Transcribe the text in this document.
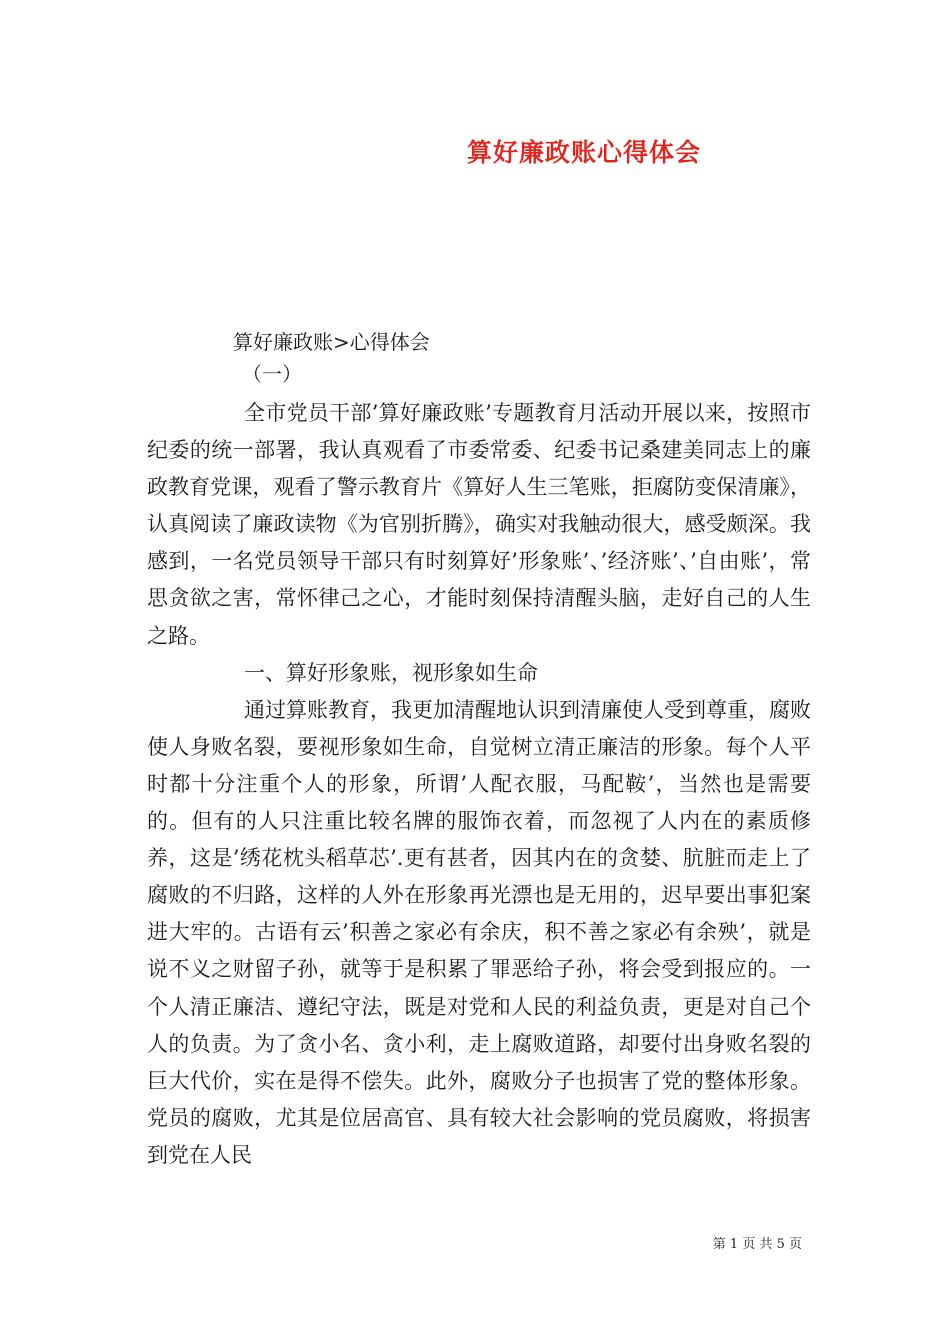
算好廉政账心得体会
算好廉政账>心得体会
（一）

全市党员干部’算好廉政账’专题教育月活动开展以来，按照市纪委的统一部署，我认真观看了市委常委、纪委书记桑建美同志上的廉政教育党课，观看了警示教育片《算好人生三笔账，拒腐防变保清廉》，认真阅读了廉政读物《为官别折腾》，确实对我触动很大，感受颇深。我感到，一名党员领导干部只有时刻算好’形象账’、’经济账’、’自由账’，常思贪欲之害，常怀律己之心，才能时刻保持清醒头脑，走好自己的人生之路。

一、算好形象账，视形象如生命

通过算账教育，我更加清醒地认识到清廉使人受到尊重，腐败使人身败名裂，要视形象如生命，自觉树立清正廉洁的形象。每个人平时都十分注重个人的形象，所谓’人配衣服，马配鞍’，当然也是需要的。但有的人只注重比较名牌的服饰衣着，而忽视了人内在的素质修养，这是’绣花枕头稻草芯’.更有甚者，因其内在的贪婪、肮脏而走上了腐败的不归路，这样的人外在形象再光漂也是无用的，迟早要出事犯案进大牢的。古语有云’积善之家必有余庆，积不善之家必有余殃’，就是说不义之财留子孙，就等于是积累了罪恶给子孙，将会受到报应的。一个人清正廉洁、遵纪守法，既是对党和人民的利益负责，更是对自己个人的负责。为了贪小名、贪小利，走上腐败道路，却要付出身败名裂的巨大代价，实在是得不偿失。此外，腐败分子也损害了党的整体形象。党员的腐败，尤其是位居高官、具有较大社会影响的党员腐败，将损害到党在人民

第 1 页 共 5 页
